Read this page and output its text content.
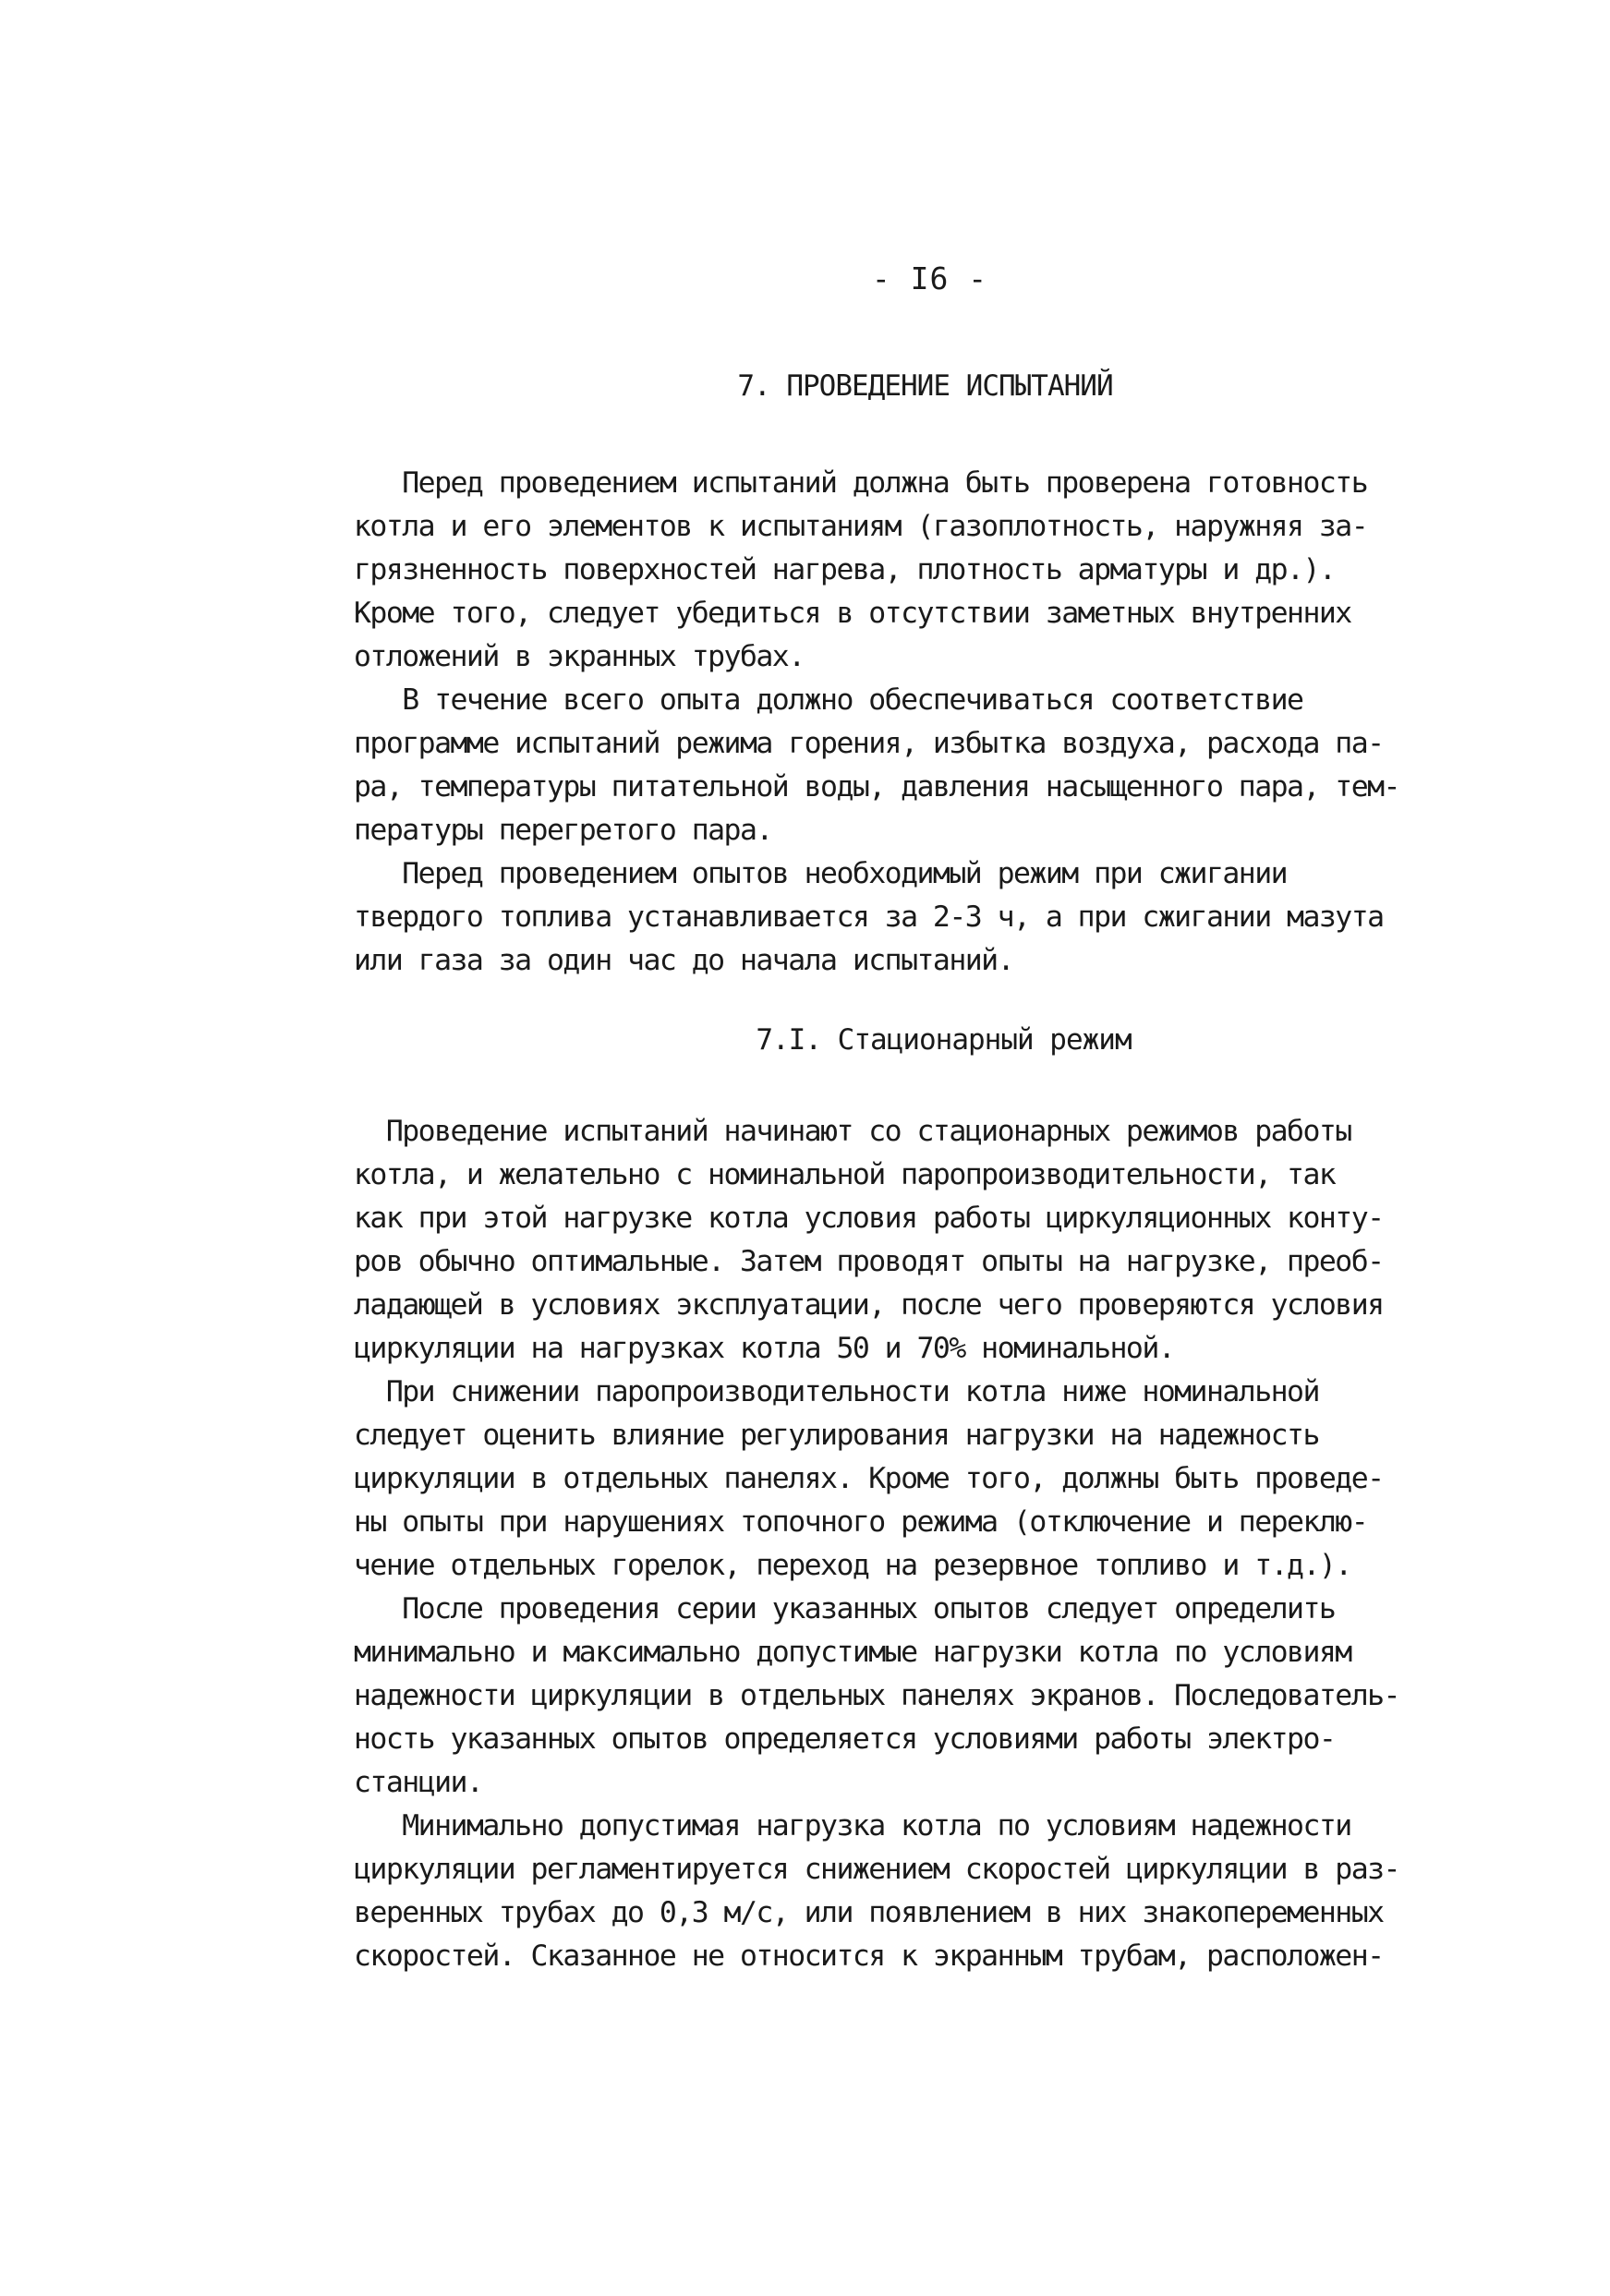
- I6 -
7. ПРОВЕДЕНИЕ ИСПЫТАНИЙ
Перед проведением испытаний должна быть проверена готовность
котла и его элементов к испытаниям (газоплотность, наружняя за-
грязненность поверхностей нагрева, плотность арматуры и др.).
Кроме того, следует убедиться в отсутствии заметных внутренних
отложений в экранных трубах.
В течение всего опыта должно обеспечиваться соответствие
программе испытаний режима горения, избытка воздуха, расхода па-
ра, температуры питательной воды, давления насыщенного пара, тем-
пературы перегретого пара.
Перед проведением опытов необходимый режим при сжигании
твердого топлива устанавливается за 2-3 ч, а при сжигании мазута
или газа за один час до начала испытаний.
7.I. Стационарный режим
Проведение испытаний начинают со стационарных режимов работы
котла, и желательно с номинальной паропроизводительности, так
как при этой нагрузке котла условия работы циркуляционных конту-
ров обычно оптимальные. Затем проводят опыты на нагрузке, преоб-
ладающей в условиях эксплуатации, после чего проверяются условия
циркуляции на нагрузках котла 50 и 70% номинальной.
При снижении паропроизводительности котла ниже номинальной
следует оценить влияние регулирования нагрузки на надежность
циркуляции в отдельных панелях. Кроме того, должны быть проведе-
ны опыты при нарушениях топочного режима (отключение и переклю-
чение отдельных горелок, переход на резервное топливо и т.д.).
После проведения серии указанных опытов следует определить
минимально и максимально допустимые нагрузки котла по условиям
надежности циркуляции в отдельных панелях экранов. Последователь-
ность указанных опытов определяется условиями работы электро-
станции.
Минимально допустимая нагрузка котла по условиям надежности
циркуляции регламентируется снижением скоростей циркуляции в раз-
веренных трубах до 0,3 м/с, или появлением в них знакопеременных
скоростей. Сказанное не относится к экранным трубам, расположен-
